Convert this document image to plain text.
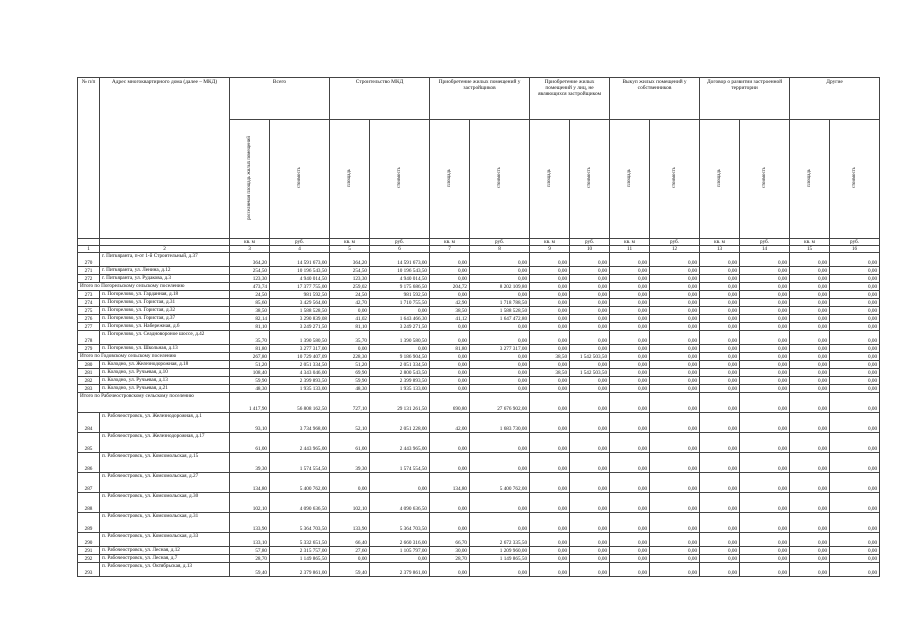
№ п/п	Адрес многоквартирного дома (далее – МКД)	Всего		Строительство МКД		Приобретение жилых помещений у застройщиков		Приобретение жилых помещений у лиц, не являющихся застройщиком		Выкуп жилых помещений у собственников		Договор о развитии застроенной территории		Другие	
		расселяемая площадь жилых помещений	стоимость	площадь	стоимость	площадь	стоимость	площадь	стоимость	площадь	стоимость	площадь	стоимость	площадь	стоимость
		кв. м	руб.	кв. м	руб.	кв. м	руб.	кв. м	руб.	кв. м	руб.	кв. м	руб.	кв. м	руб.
1	2	3	4	5	6	7	8	9	10	11	12	13	14	15	16
270	г. Питкяранта, п-от 1-й Строительный, д.37	364,20	14 591 673,00	364,20	14 591 673,00	0,00	0,00	0,00	0,00	0,00	0,00	0,00	0,00	0,00	0,00
271	г. Питкяранта, ул. Ленина, д.12	254,50	10 196 543,50	254,50	10 196 543,50	0,00	0,00	0,00	0,00	0,00	0,00	0,00	0,00	0,00	0,00
272	г. Питкяранта, ул. Рудакова, д.3	123,30	4 940 014,50	123,30	4 940 014,50	0,00	0,00	0,00	0,00	0,00	0,00	0,00	0,00	0,00	0,00
Итого по Погорельскому сельскому поселению		473,74	17 377 755,00	259,02	9 175 686,50	204,72	8 202 109,80	0,00	0,00	0,00	0,00	0,00	0,00	0,00	0,00
273	п. Погорелово, ул. Гарданная, д.18	24,50	981 592,50	24,50	981 592,50	0,00	0,00	0,00	0,00	0,00	0,00	0,00	0,00	0,00	0,00
274	п. Погорелово, ул. Гористая, д.31	85,60	3 429 564,00	42,70	1 710 755,50	42,90	1 718 788,50	0,00	0,00	0,00	0,00	0,00	0,00	0,00	0,00
275	п. Погорелово, ул. Гористая, д.32	38,50	1 588 528,50	0,00	0,00	38,50	1 588 528,50	0,00	0,00	0,00	0,00	0,00	0,00	0,00	0,00
276	п. Погорелово, ул. Гористая, д.37	82,14	3 290 839,08	41,02	1 643 466,30	41,12	1 647 472,80	0,00	0,00	0,00	0,00	0,00	0,00	0,00	0,00
277	п. Погорелово, ул. Набережная, д.6	81,10	3 249 271,50	81,10	3 249 271,50	0,00	0,00	0,00	0,00	0,00	0,00	0,00	0,00	0,00	0,00
278	п. Погорелово, ул. Сеадновороное шоссе, д.42	35,70	1 390 580,50	35,70	1 390 580,50	0,00	0,00	0,00	0,00	0,00	0,00	0,00	0,00	0,00	0,00
279	п. Погорелово, ул. Школьная, д.13	81,80	3 277 317,00	0,00	0,00	81,80	3 277 317,00	0,00	0,00	0,00	0,00	0,00	0,00	0,00	0,00
Итого по Годовскому сельскому поселению		267,80	10 729 407,09	228,30	9 186 904,50	0,00	0,00	38,50	1 542 503,50	0,00	0,00	0,00	0,00	0,00	0,00
280	п. Колодно, ул. Железнодорожная, д.18	51,20	2 051 334,50	51,20	2 051 334,50	0,00	0,00	0,00	0,00	0,00	0,00	0,00	0,00	0,00	0,00
281	п. Колодно, ул. Ручьевая, д.10	108,40	4 343 046,00	69,90	2 800 543,50	0,00	0,00	38,50	1 542 503,50	0,00	0,00	0,00	0,00	0,00	0,00
282	п. Колодно, ул. Ручьевая, д.13	59,90	2 399 893,50	59,90	2 399 893,50	0,00	0,00	0,00	0,00	0,00	0,00	0,00	0,00	0,00	0,00
283	п. Колодно, ул. Ручьевая, д.21	48,30	1 935 133,00	48,30	1 935 133,00	0,00	0,00	0,00	0,00	0,00	0,00	0,00	0,00	0,00	0,00
Итого по Рабочеостровскому сельскому поселению		1 417,90	56 808 162,50	727,10	29 131 261,50	690,80	27 676 902,00	0,00	0,00	0,00	0,00	0,00	0,00	0,00	0,00
284	п. Рабочеостровск, ул. Железнодорожная, д.1	93,10	3 734 968,00	52,10	2 051 228,00	42,00	1 683 730,00	0,00	0,00	0,00	0,00	0,00	0,00	0,00	0,00
285	п. Рабочеостровск, ул. Железнодорожная, д.17	61,00	2 443 965,00	61,00	2 443 965,00	0,00	0,00	0,00	0,00	0,00	0,00	0,00	0,00	0,00	0,00
286	п. Рабочеостровск, ул. Комсомольская, д.15	39,30	1 574 554,50	39,30	1 574 554,50	0,00	0,00	0,00	0,00	0,00	0,00	0,00	0,00	0,00	0,00
287	п. Рабочеостровск, ул. Комсомольская, д.27	134,80	5 400 762,00	0,00	0,00	134,80	5 400 762,00	0,00	0,00	0,00	0,00	0,00	0,00	0,00	0,00
288	п. Рабочеостровск, ул. Комсомольская, д.30	102,10	4 090 636,50	102,10	4 090 636,50	0,00	0,00	0,00	0,00	0,00	0,00	0,00	0,00	0,00	0,00
289	п. Рабочеостровск, ул. Комсомольская, д.31	133,90	5 364 703,50	133,90	5 364 703,50	0,00	0,00	0,00	0,00	0,00	0,00	0,00	0,00	0,00	0,00
290	п. Рабочеостровск, ул. Комсомольская, д.33	133,10	5 332 651,50	66,40	2 660 316,00	66,70	2 672 335,50	0,00	0,00	0,00	0,00	0,00	0,00	0,00	0,00
291	п. Рабочеостровск, ул. Лесная, д.12	57,80	2 315 757,00	27,60	1 105 797,00	30,00	1 209 960,00	0,00	0,00	0,00	0,00	0,00	0,00	0,00	0,00
292	п. Рабочеостровск, ул. Лесная, д.7	28,70	1 149 865,50	0,00	0,00	28,70	1 149 865,50	0,00	0,00	0,00	0,00	0,00	0,00	0,00	0,00
293	п. Рабочеостровск, ул. Октябрьская, д.13	59,40	2 379 861,00	59,40	2 379 861,00	0,00	0,00	0,00	0,00	0,00	0,00	0,00	0,00	0,00	0,00
